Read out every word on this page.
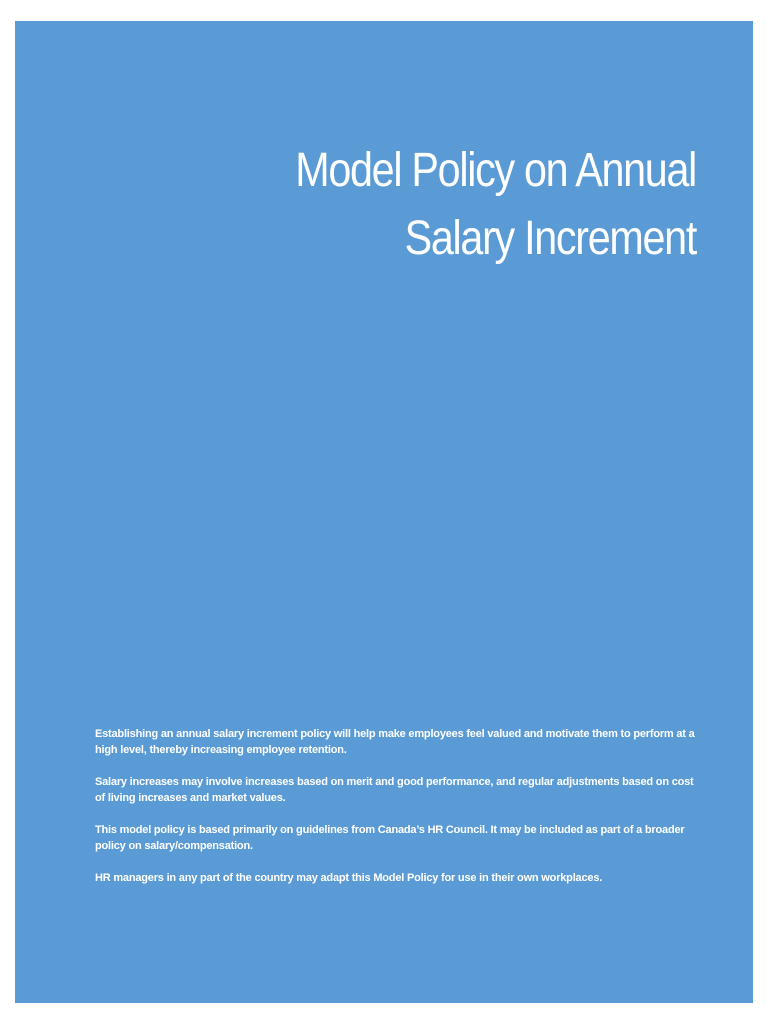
Model Policy on Annual Salary Increment

Establishing an annual salary increment policy will help make employees feel valued and motivate them to perform at a high level, thereby increasing employee retention.

Salary increases may involve increases based on merit and good performance, and regular adjustments based on cost of living increases and market values.

This model policy is based primarily on guidelines from Canada’s HR Council. It may be included as part of a broader policy on salary/compensation.

HR managers in any part of the country may adapt this Model Policy for use in their own workplaces.
